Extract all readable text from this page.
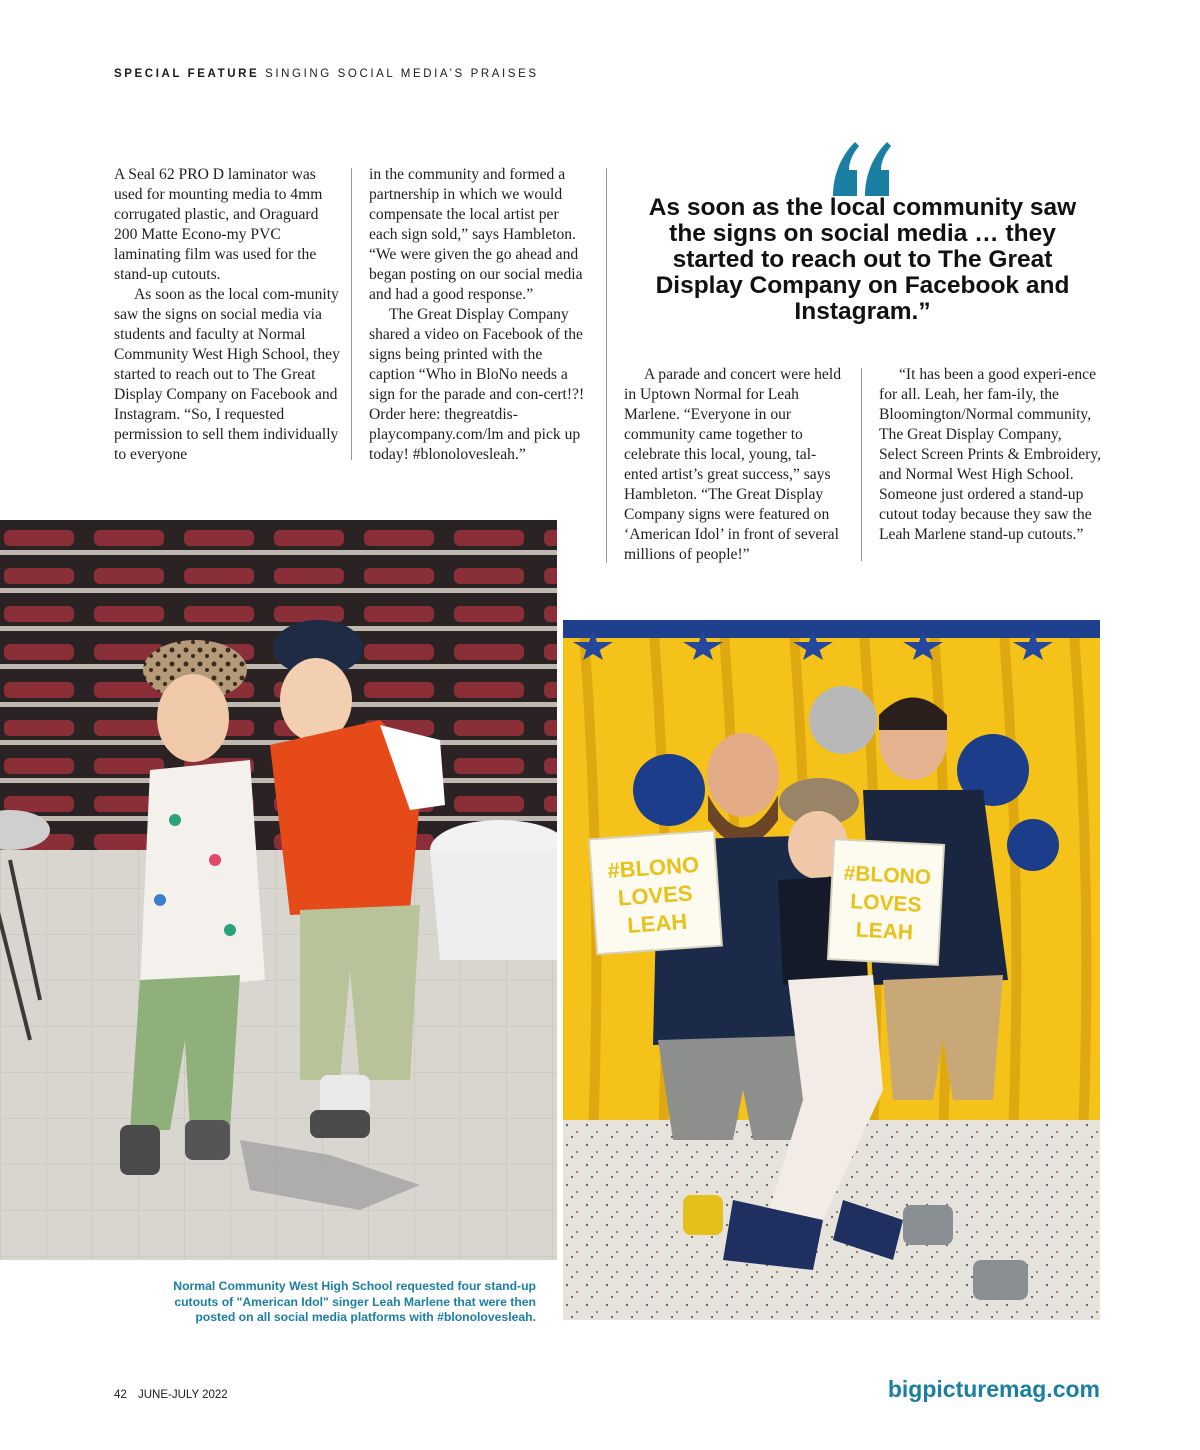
SPECIAL FEATURE SINGING SOCIAL MEDIA’S PRAISES

A Seal 62 PRO D laminator was used for mounting media to 4mm corrugated plastic, and Oraguard 200 Matte Econo-my PVC laminating film was used for the stand-up cutouts.

As soon as the local com-munity saw the signs on social media via students and faculty at Normal Community West High School, they started to reach out to The Great Display Company on Facebook and Instagram. “So, I requested permission to sell them individually to everyone

in the community and formed a partnership in which we would compensate the local artist per each sign sold,” says Hambleton. “We were given the go ahead and began posting on our social media and had a good response.”

The Great Display Company shared a video on Facebook of the signs being printed with the caption “Who in BloNo needs a sign for the parade and con-cert!?! Order here: thegreatdis-playcompany.com/lm and pick up today! #blonolovesleah.”

As soon as the local community saw the signs on social media … they started to reach out to The Great Display Company on Facebook and Instagram.”

A parade and concert were held in Uptown Normal for Leah Marlene. “Everyone in our community came together to celebrate this local, young, tal-ented artist’s great success,” says Hambleton. “The Great Display Company signs were featured on ‘American Idol’ in front of several millions of people!”

“It has been a good experi-ence for all. Leah, her fam-ily, the Bloomington/Normal community, The Great Display Company, Select Screen Prints & Embroidery, and Normal West High School. Someone just ordered a stand-up cutout today because they saw the Leah Marlene stand-up cutouts.”

#BLONO
LOVES
LEAH
#BLONO
LOVES
LEAH
Normal Community West High School requested four stand-up cutouts of "American Idol" singer Leah Marlene that were then posted on all social media platforms with #blonolovesleah.
42 JUNE-JULY 2022	bigpicturemag.com
